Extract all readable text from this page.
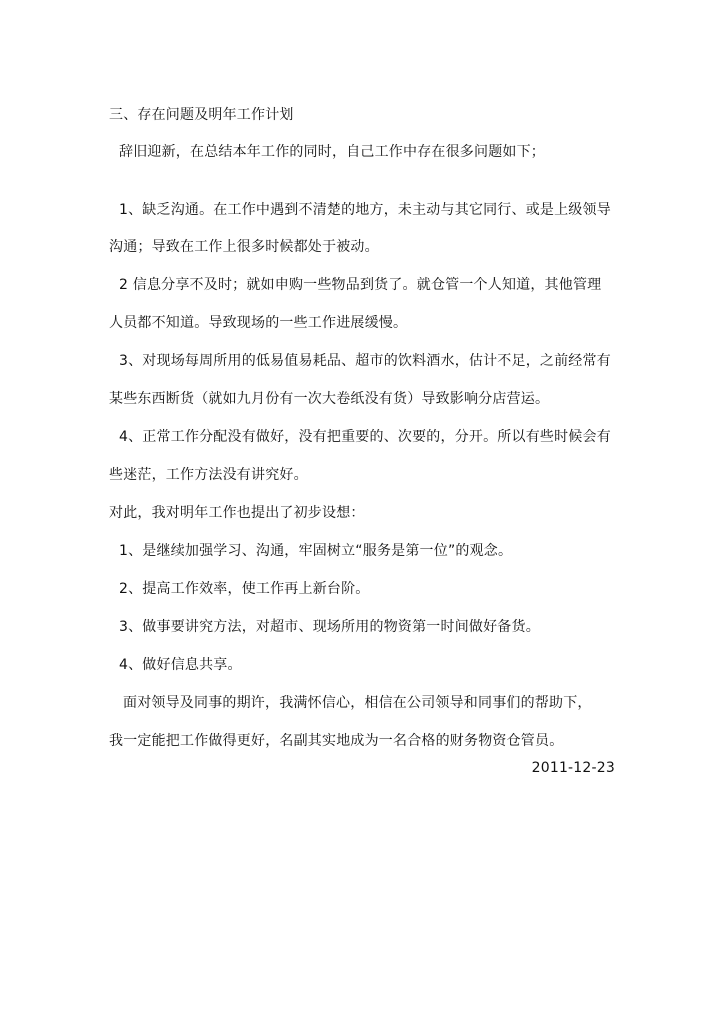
三、存在问题及明年工作计划
辞旧迎新，在总结本年工作的同时，自己工作中存在很多问题如下；
1、缺乏沟通。在工作中遇到不清楚的地方，未主动与其它同行、或是上级领导
沟通；导致在工作上很多时候都处于被动。
2 信息分享不及时；就如申购一些物品到货了。就仓管一个人知道，其他管理
人员都不知道。导致现场的一些工作进展缓慢。
3、对现场每周所用的低易值易耗品、超市的饮料酒水，估计不足，之前经常有
某些东西断货（就如九月份有一次大卷纸没有货）导致影响分店营运。
4、正常工作分配没有做好，没有把重要的、次要的，分开。所以有些时候会有
些迷茫，工作方法没有讲究好。
对此，我对明年工作也提出了初步设想：
1、是继续加强学习、沟通，牢固树立“服务是第一位”的观念。
2、提高工作效率，使工作再上新台阶。
3、做事要讲究方法，对超市、现场所用的物资第一时间做好备货。
4、做好信息共享。
面对领导及同事的期许，我满怀信心，相信在公司领导和同事们的帮助下，
我一定能把工作做得更好，名副其实地成为一名合格的财务物资仓管员。
2011-12-23
